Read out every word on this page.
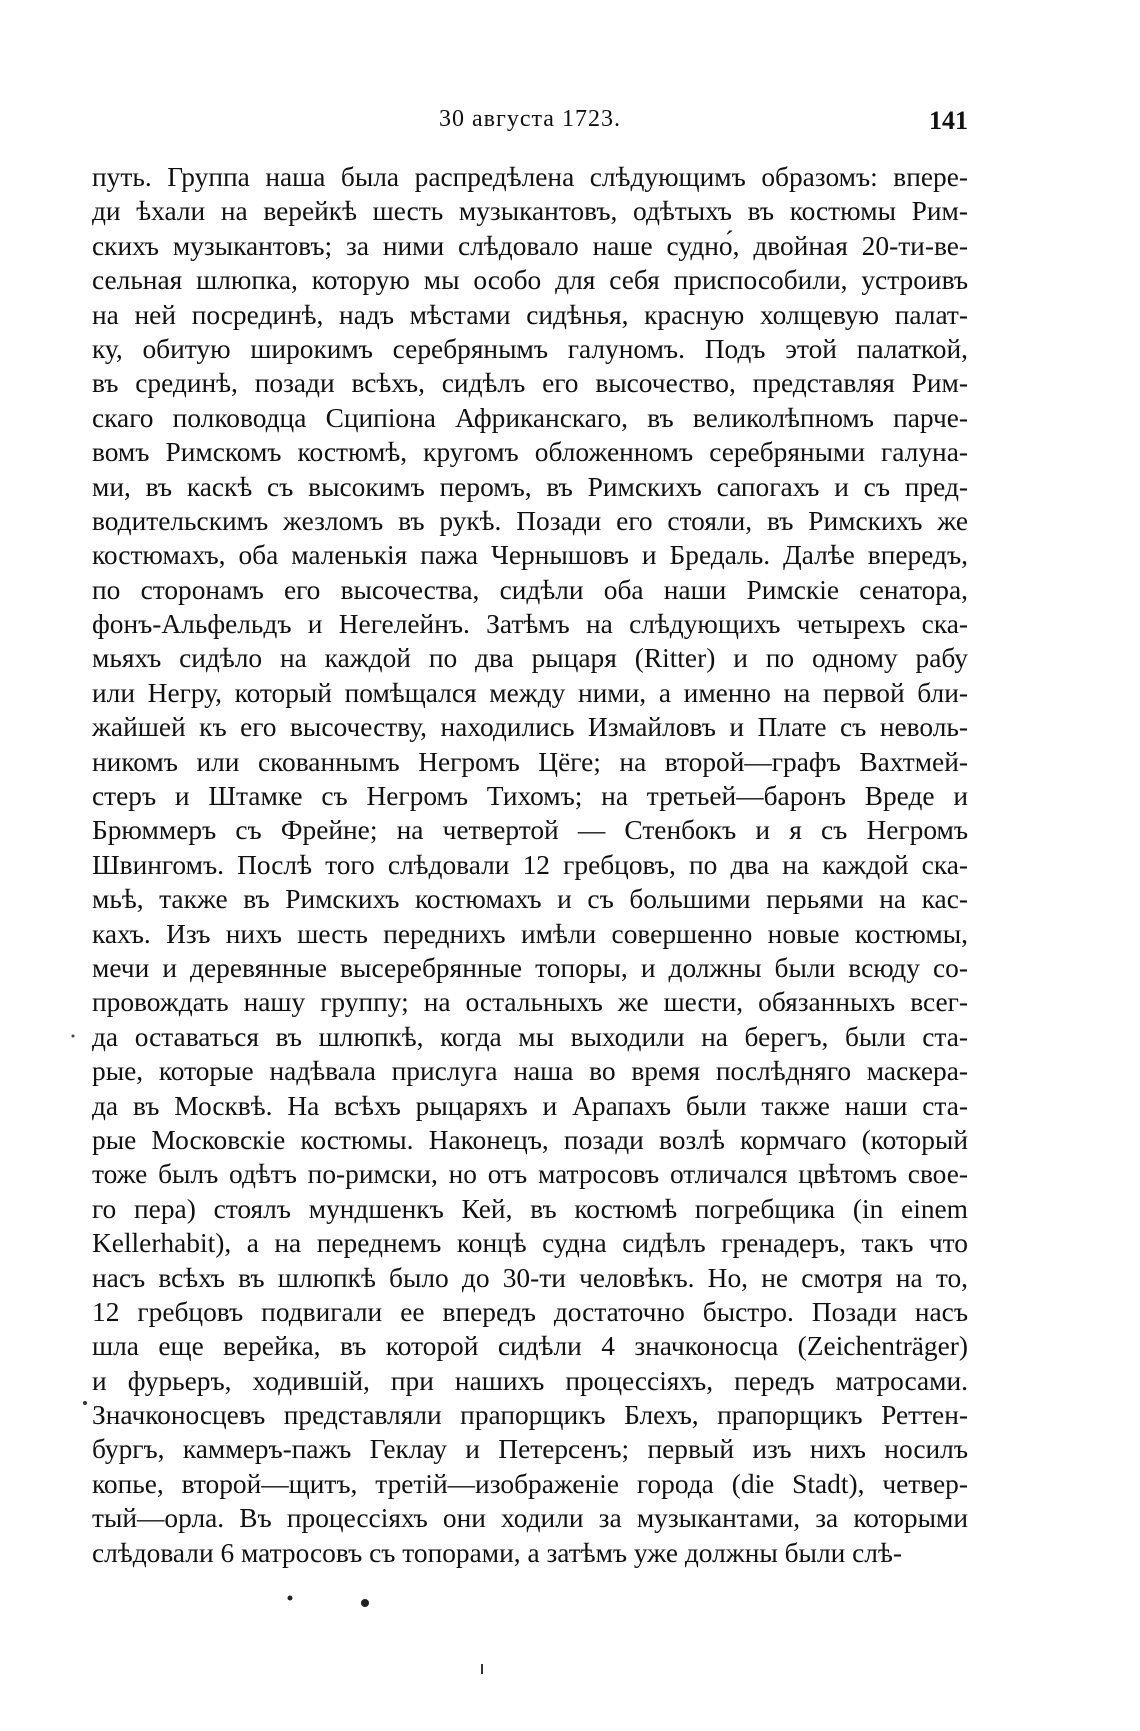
30 августа 1723.	141
путь. Группа наша была распредѣлена слѣдующимъ образомъ: впере-
ди ѣхали на верейкѣ шесть музыкантовъ, одѣтыхъ въ костюмы Рим-
скихъ музыкантовъ; за ними слѣдовало наше судно́, двойная 20-ти-ве-
сельная шлюпка, которую мы особо для себя приспособили, устроивъ
на ней посрединѣ, надъ мѣстами сидѣнья, красную холщевую палат-
ку, обитую широкимъ серебрянымъ галуномъ. Подъ этой палаткой,
въ срединѣ, позади всѣхъ, сидѣлъ его высочество, представляя Рим-
скаго полководца Сципіона Африканскаго, въ великолѣпномъ парче-
вомъ Римскомъ костюмѣ, кругомъ обложенномъ серебряными галуна-
ми, въ каскѣ съ высокимъ перомъ, въ Римскихъ сапогахъ и съ пред-
водительскимъ жезломъ въ рукѣ. Позади его стояли, въ Римскихъ же
костюмахъ, оба маленькія пажа Чернышовъ и Бредаль. Далѣе впередъ,
по сторонамъ его высочества, сидѣли оба наши Римскіе сенатора,
фонъ-Альфельдъ и Негелейнъ. Затѣмъ на слѣдующихъ четырехъ ска-
мьяхъ сидѣло на каждой по два рыцаря (Ritter) и по одному рабу
или Негру, который помѣщался между ними, а именно на первой бли-
жайшей къ его высочеству, находились Измайловъ и Плате съ неволь-
никомъ или скованнымъ Негромъ Цёге; на второй—графъ Вахтмей-
стеръ и Штамке съ Негромъ Тихомъ; на третьей—баронъ Вреде и
Брюммеръ съ Фрейне; на четвертой — Стенбокъ и я съ Негромъ
Швингомъ. Послѣ того слѣдовали 12 гребцовъ, по два на каждой ска-
мьѣ, также въ Римскихъ костюмахъ и съ большими перьями на кас-
кахъ. Изъ нихъ шесть переднихъ имѣли совершенно новые костюмы,
мечи и деревянные высеребрянные топоры, и должны были всюду со-
провождать нашу группу; на остальныхъ же шести, обязанныхъ всег-
да оставаться въ шлюпкѣ, когда мы выходили на берегъ, были ста-
рые, которые надѣвала прислуга наша во время послѣдняго маскера-
да въ Москвѣ. На всѣхъ рыцаряхъ и Арапахъ были также наши ста-
рые Московскіе костюмы. Наконецъ, позади возлѣ кормчаго (который
тоже былъ одѣтъ по-римски, но отъ матросовъ отличался цвѣтомъ свое-
го пера) стоялъ мундшенкъ Кей, въ костюмѣ погребщика (in einem
Kellerhabit), а на переднемъ концѣ судна сидѣлъ гренадеръ, такъ что
насъ всѣхъ въ шлюпкѣ было до 30-ти человѣкъ. Но, не смотря на то,
12 гребцовъ подвигали ее впередъ достаточно быстро. Позади насъ
шла еще верейка, въ которой сидѣли 4 значконосца (Zeichenträger)
и фурьеръ, ходившій, при нашихъ процессіяхъ, передъ матросами.
Значконосцевъ представляли прапорщикъ Блехъ, прапорщикъ Реттен-
бургъ, каммеръ-пажъ Геклау и Петерсенъ; первый изъ нихъ носилъ
копье, второй—щитъ, третій—изображеніе города (die Stadt), четвер-
тый—орла. Въ процессіяхъ они ходили за музыкантами, за которыми
слѣдовали 6 матросовъ съ топорами, а затѣмъ уже должны были слѣ-
